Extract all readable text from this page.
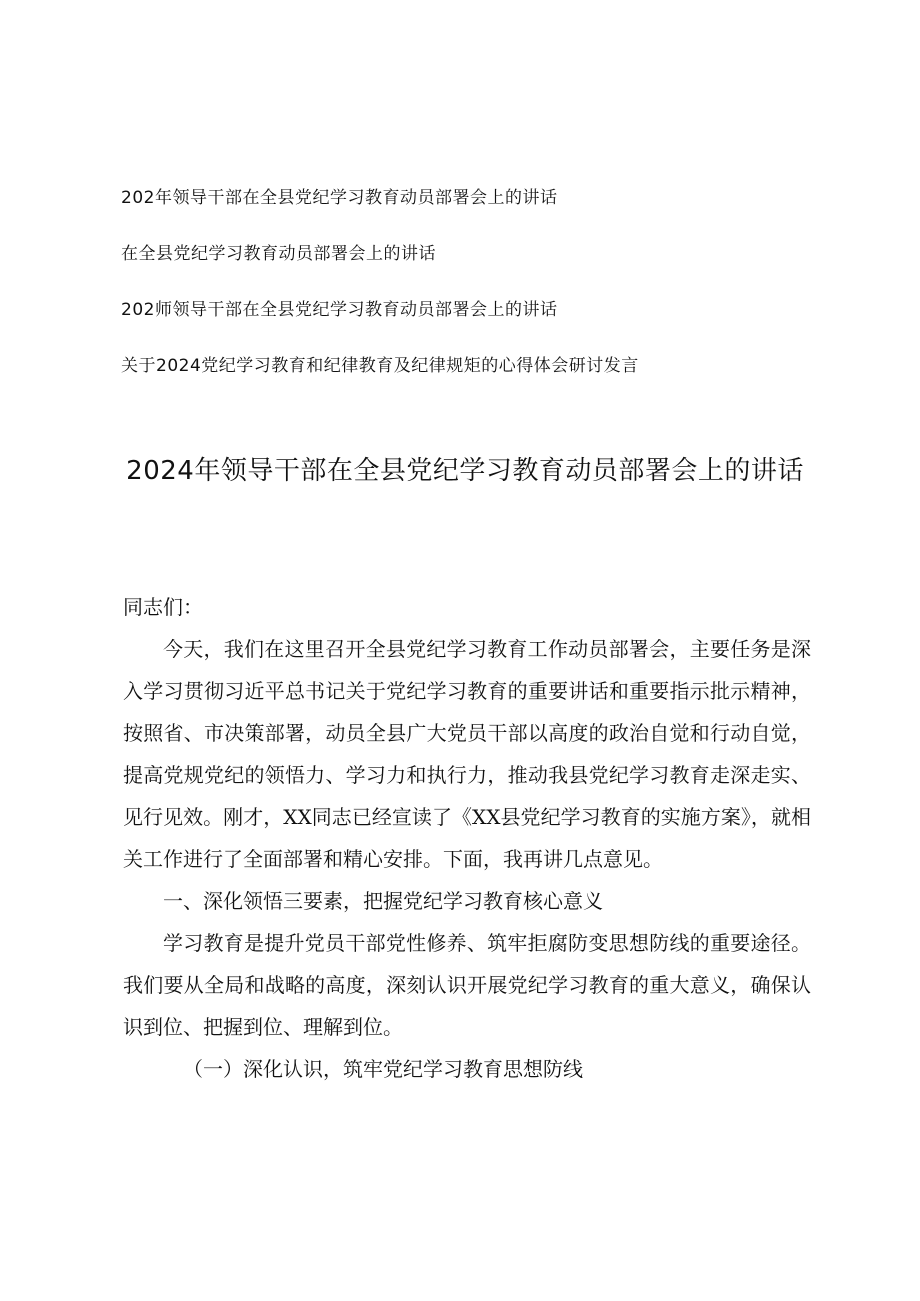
202年领导干部在全县党纪学习教育动员部署会上的讲话
在全县党纪学习教育动员部署会上的讲话
202师领导干部在全县党纪学习教育动员部署会上的讲话
关于2024党纪学习教育和纪律教育及纪律规矩的心得体会研讨发言
2024年领导干部在全县党纪学习教育动员部署会上的讲话

同志们：

今天，我们在这里召开全县党纪学习教育工作动员部署会，主要任务是深入学习贯彻习近平总书记关于党纪学习教育的重要讲话和重要指示批示精神，按照省、市决策部署，动员全县广大党员干部以高度的政治自觉和行动自觉，提高党规党纪的领悟力、学习力和执行力，推动我县党纪学习教育走深走实、见行见效。刚才，XX同志已经宣读了《XX县党纪学习教育的实施方案》，就相关工作进行了全面部署和精心安排。下面，我再讲几点意见。

一、深化领悟三要素，把握党纪学习教育核心意义

学习教育是提升党员干部党性修养、筑牢拒腐防变思想防线的重要途径。我们要从全局和战略的高度，深刻认识开展党纪学习教育的重大意义，确保认识到位、把握到位、理解到位。

（一）深化认识，筑牢党纪学习教育思想防线
